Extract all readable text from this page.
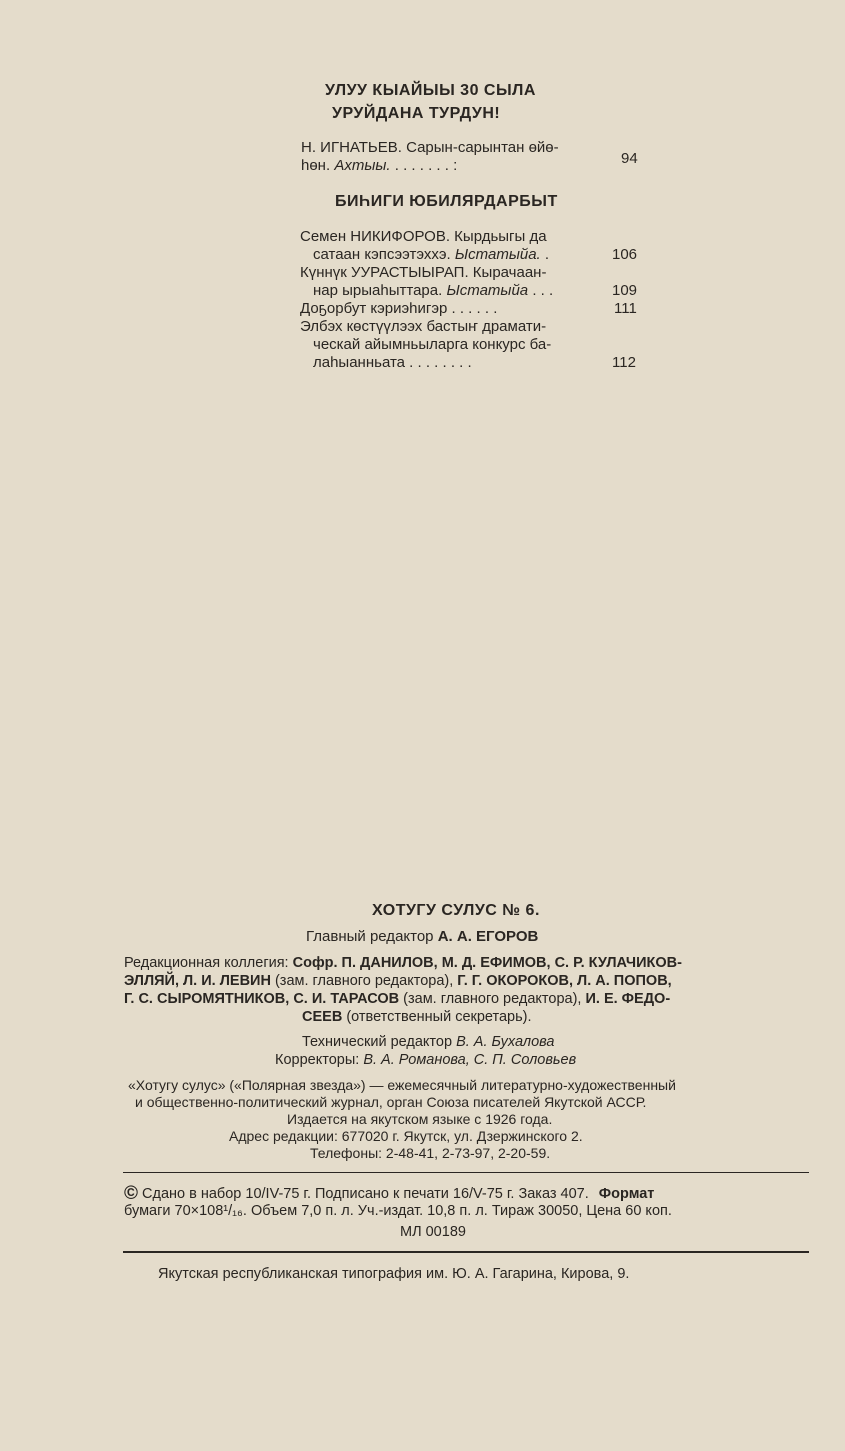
УЛУУ КЫАЙЫЫ 30 СЫЛА
УРУЙДАНА ТУРДУН!
Н. ИГНАТЬЕВ. Сарын-сарынтан өйө-
һөн. Ахтыы. . . . . . . . :	94
БИҺИГИ ЮБИЛЯРДАРБЫТ
Семен НИКИФОРОВ. Кырдьыгы да
сатаан кэпсээтэххэ. Ыстатыйа. .	106
Күннүк УУРАСТЫЫРАП. Кырачаан-
нар ырыаһыттара. Ыстатыйа . . .	109
Доҕорбут кэриэһигэр . . . . . .	111
Элбэх көстүүлээх бастыҥ драмати-
ческай айымньыларга конкурс ба-
лаһыанньата . . . . . . . .	112
ХОТУГУ СУЛУС № 6.
Главный редактор А. А. ЕГОРОВ
Редакционная коллегия: Софр. П. ДАНИЛОВ, М. Д. ЕФИМОВ, С. Р. КУЛАЧИКОВ-
ЭЛЛЯЙ, Л. И. ЛЕВИН (зам. главного редактора), Г. Г. ОКОРОКОВ, Л. А. ПОПОВ,
Г. С. СЫРОМЯТНИКОВ, С. И. ТАРАСОВ (зам. главного редактора), И. Е. ФЕДО-
СЕЕВ (ответственный секретарь).
Технический редактор В. А. Бухалова
Корректоры: В. А. Романова, С. П. Соловьев
«Хотугу сулус» («Полярная звезда») — ежемесячный литературно-художественный
и общественно-политический журнал, орган Союза писателей Якутской АССР.
Издается на якутском языке с 1926 года.
Адрес редакции: 677020 г. Якутск, ул. Дзержинского 2.
Телефоны: 2-48-41, 2-73-97, 2-20-59.
© Сдано в набор 10/IV-75 г. Подписано к печати 16/V-75 г. Заказ 407. Формат
бумаги 70×108¹/₁₆. Объем 7,0 п. л. Уч.-издат. 10,8 п. л. Тираж 30050, Цена 60 коп.
МЛ 00189
Якутская республиканская типография им. Ю. А. Гагарина, Кирова, 9.
